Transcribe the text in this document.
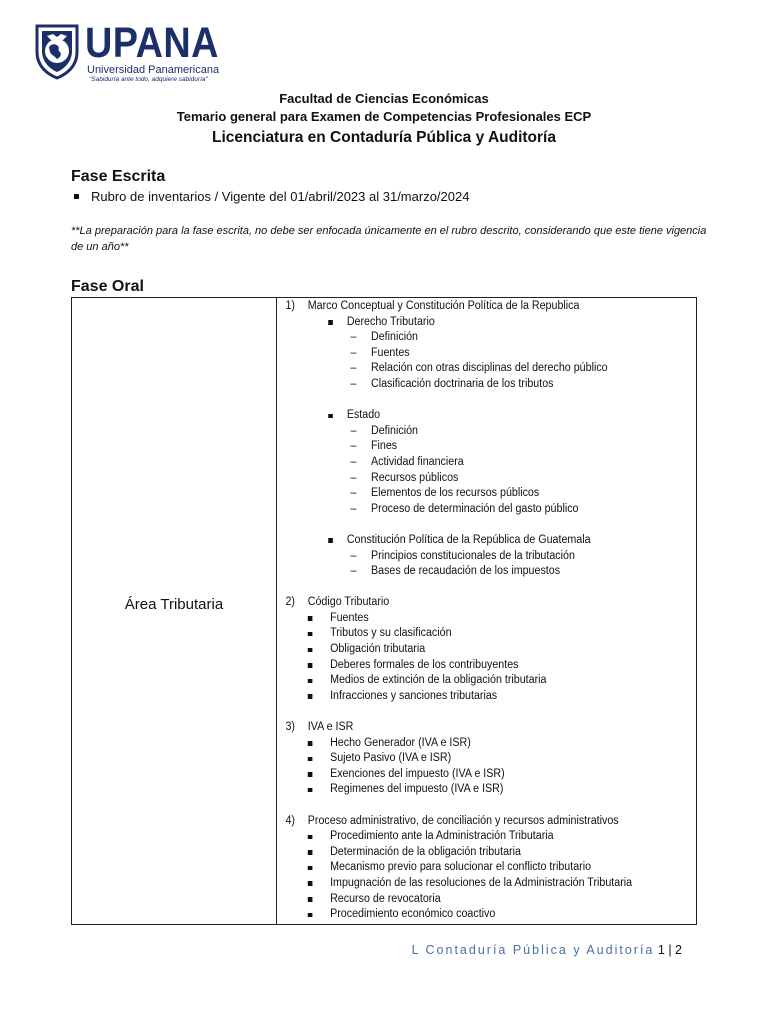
UPANA
Universidad Panamericana
"Sabiduría ante todo, adquiere sabiduría"
Facultad de Ciencias Económicas
Temario general para Examen de Competencias Profesionales ECP
Licenciatura en Contaduría Pública y Auditoría
Fase Escrita
Rubro de inventarios / Vigente del 01/abril/2023 al 31/marzo/2024
**La preparación para la fase escrita, no debe ser enfocada únicamente en el rubro descrito, considerando que este tiene vigencia de un año**
Fase Oral
Área Tributaria
1) Marco Conceptual y Constitución Política de la Republica
Derecho Tributario
– Definición
– Fuentes
– Relación con otras disciplinas del derecho público
– Clasificación doctrinaria de los tributos
Estado
– Definición
– Fines
– Actividad financiera
– Recursos públicos
– Elementos de los recursos públicos
– Proceso de determinación del gasto público
Constitución Política de la República de Guatemala
– Principios constitucionales de la tributación
– Bases de recaudación de los impuestos
2) Código Tributario
Fuentes
Tributos y su clasificación
Obligación tributaria
Deberes formales de los contribuyentes
Medios de extinción de la obligación tributaria
Infracciones y sanciones tributarias
3) IVA e ISR
Hecho Generador (IVA e ISR)
Sujeto Pasivo (IVA e ISR)
Exenciones del impuesto (IVA e ISR)
Regimenes del impuesto (IVA e ISR)
4) Proceso administrativo, de conciliación y recursos administrativos
Procedimiento ante la Administración Tributaria
Determinación de la obligación tributaria
Mecanismo previo para solucionar el conflicto tributario
Impugnación de las resoluciones de la Administración Tributaria
Recurso de revocatoria
Procedimiento económico coactivo
L Contaduría Pública y Auditoría 1 | 2
